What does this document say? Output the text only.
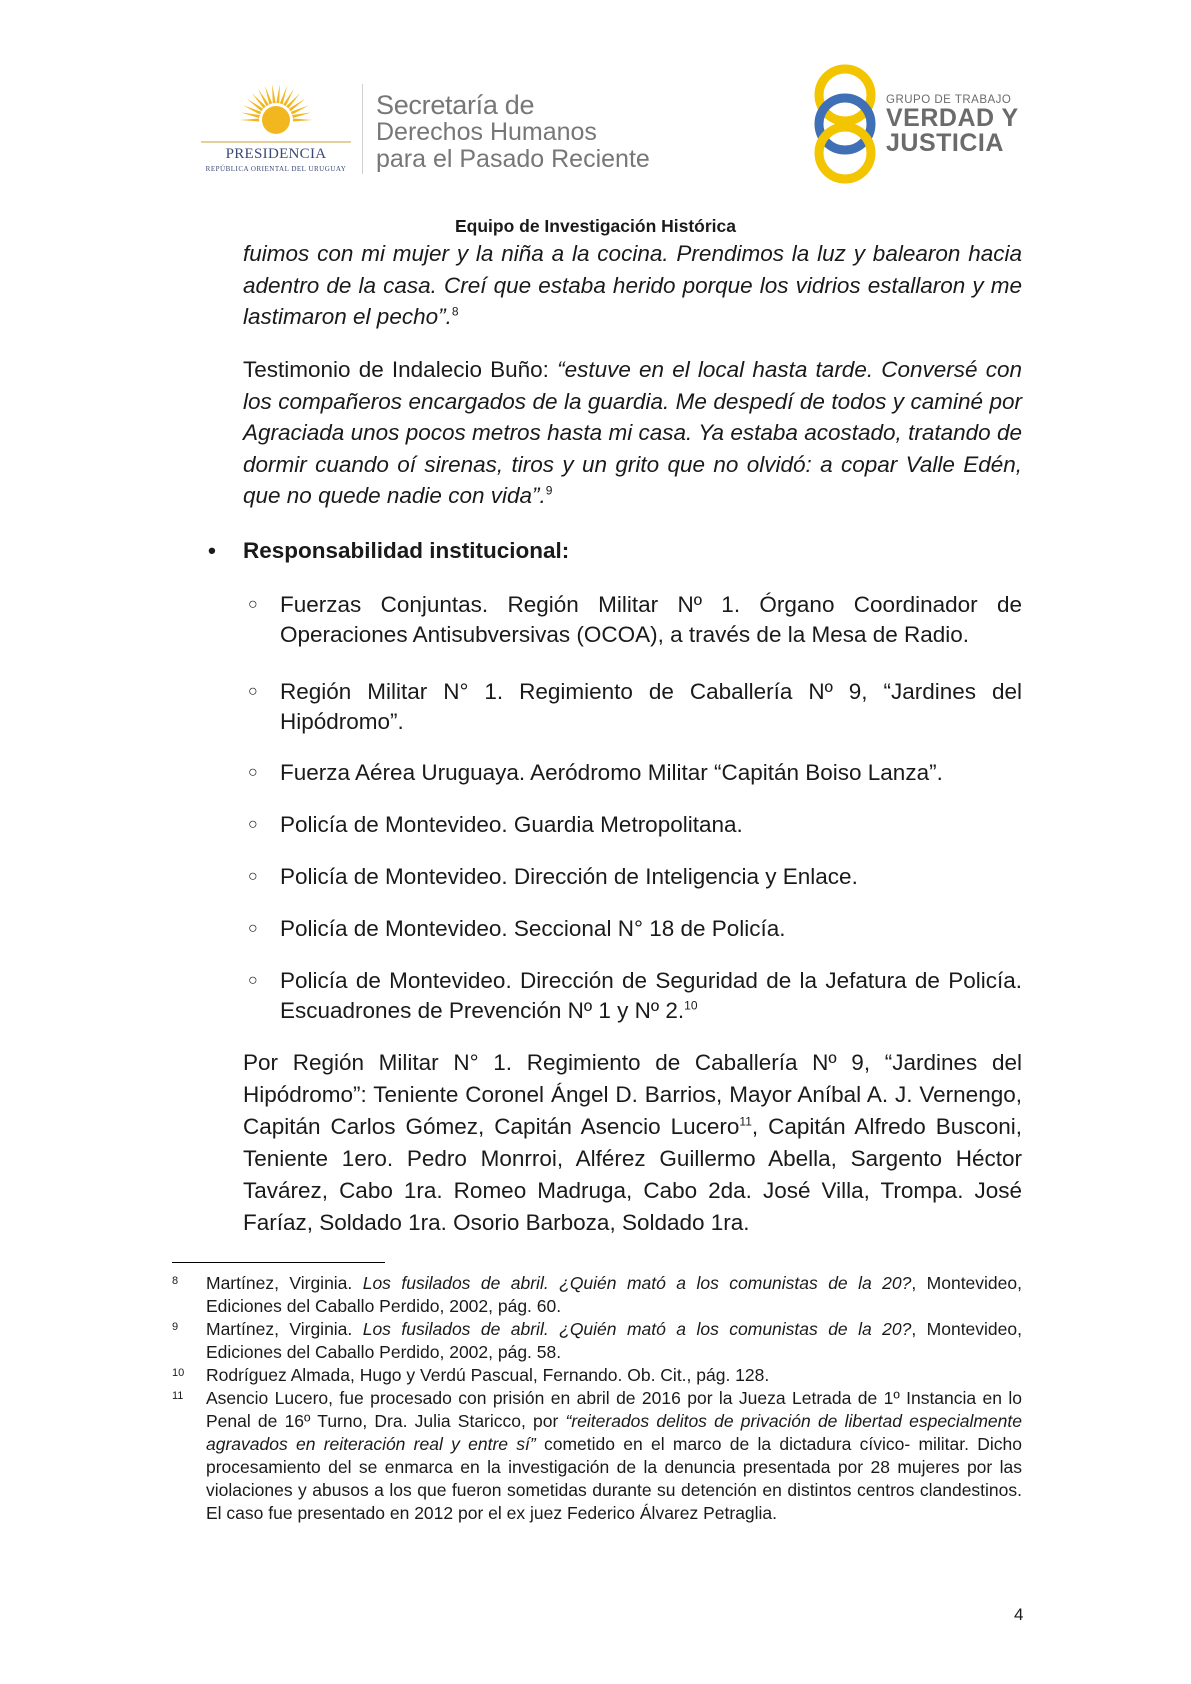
PRESIDENCIA
REPÚBLICA ORIENTAL DEL URUGUAY
Secretaría de
Derechos Humanos
para el Pasado Reciente
GRUPO DE TRABAJO
VERDAD Y
JUSTICIA
Equipo de Investigación Histórica

fuimos con mi mujer y la niña a la cocina. Prendimos la luz y balearon hacia adentro de la casa. Creí que estaba herido porque los vidrios estallaron y me lastimaron el pecho”.$^8$

Testimonio de Indalecio Buño: “estuve en el local hasta tarde. Conversé con los compañeros encargados de la guardia. Me despedí de todos y caminé por Agraciada unos pocos metros hasta mi casa. Ya estaba acostado, tratando de dormir cuando oí sirenas, tiros y un grito que no olvidó: a copar Valle Edén, que no quede nadie con vida”.$^9$

• Responsabilidad institucional:
○ Fuerzas Conjuntas. Región Militar Nº 1. Órgano Coordinador de Operaciones Antisubversivas (OCOA), a través de la Mesa de Radio.
○ Región Militar N° 1. Regimiento de Caballería Nº 9, “Jardines del Hipódromo”.
○ Fuerza Aérea Uruguaya. Aeródromo Militar “Capitán Boiso Lanza”.
○ Policía de Montevideo. Guardia Metropolitana.
○ Policía de Montevideo. Dirección de Inteligencia y Enlace.
○ Policía de Montevideo. Seccional N° 18 de Policía.
○ Policía de Montevideo. Dirección de Seguridad de la Jefatura de Policía. Escuadrones de Prevención Nº 1 y Nº 2.10

Por Región Militar N° 1. Regimiento de Caballería Nº 9, “Jardines del Hipódromo”: Teniente Coronel Ángel D. Barrios, Mayor Aníbal A. J. Vernengo, Capitán Carlos Gómez, Capitán Asencio Lucero$^{11}$, Capitán Alfredo Busconi, Teniente 1ero. Pedro Monrroi, Alférez Guillermo Abella, Sargento Héctor Tavárez, Cabo 1ra. Romeo Madruga, Cabo 2da. José Villa, Trompa. José Faríaz, Soldado 1ra. Osorio Barboza, Soldado 1ra.

8 Martínez, Virginia. Los fusilados de abril. ¿Quién mató a los comunistas de la 20?, Montevideo, Ediciones del Caballo Perdido, 2002, pág. 60.
9 Martínez, Virginia. Los fusilados de abril. ¿Quién mató a los comunistas de la 20?, Montevideo, Ediciones del Caballo Perdido, 2002, pág. 58.
10 Rodríguez Almada, Hugo y Verdú Pascual, Fernando. Ob. Cit., pág. 128.
11 Asencio Lucero, fue procesado con prisión en abril de 2016 por la Jueza Letrada de 1º Instancia en lo Penal de 16º Turno, Dra. Julia Staricco, por “reiterados delitos de privación de libertad especialmente agravados en reiteración real y entre sí” cometido en el marco de la dictadura cívico- militar. Dicho procesamiento del se enmarca en la investigación de la denuncia presentada por 28 mujeres por las violaciones y abusos a los que fueron sometidas durante su detención en distintos centros clandestinos. El caso fue presentado en 2012 por el ex juez Federico Álvarez Petraglia.
4
